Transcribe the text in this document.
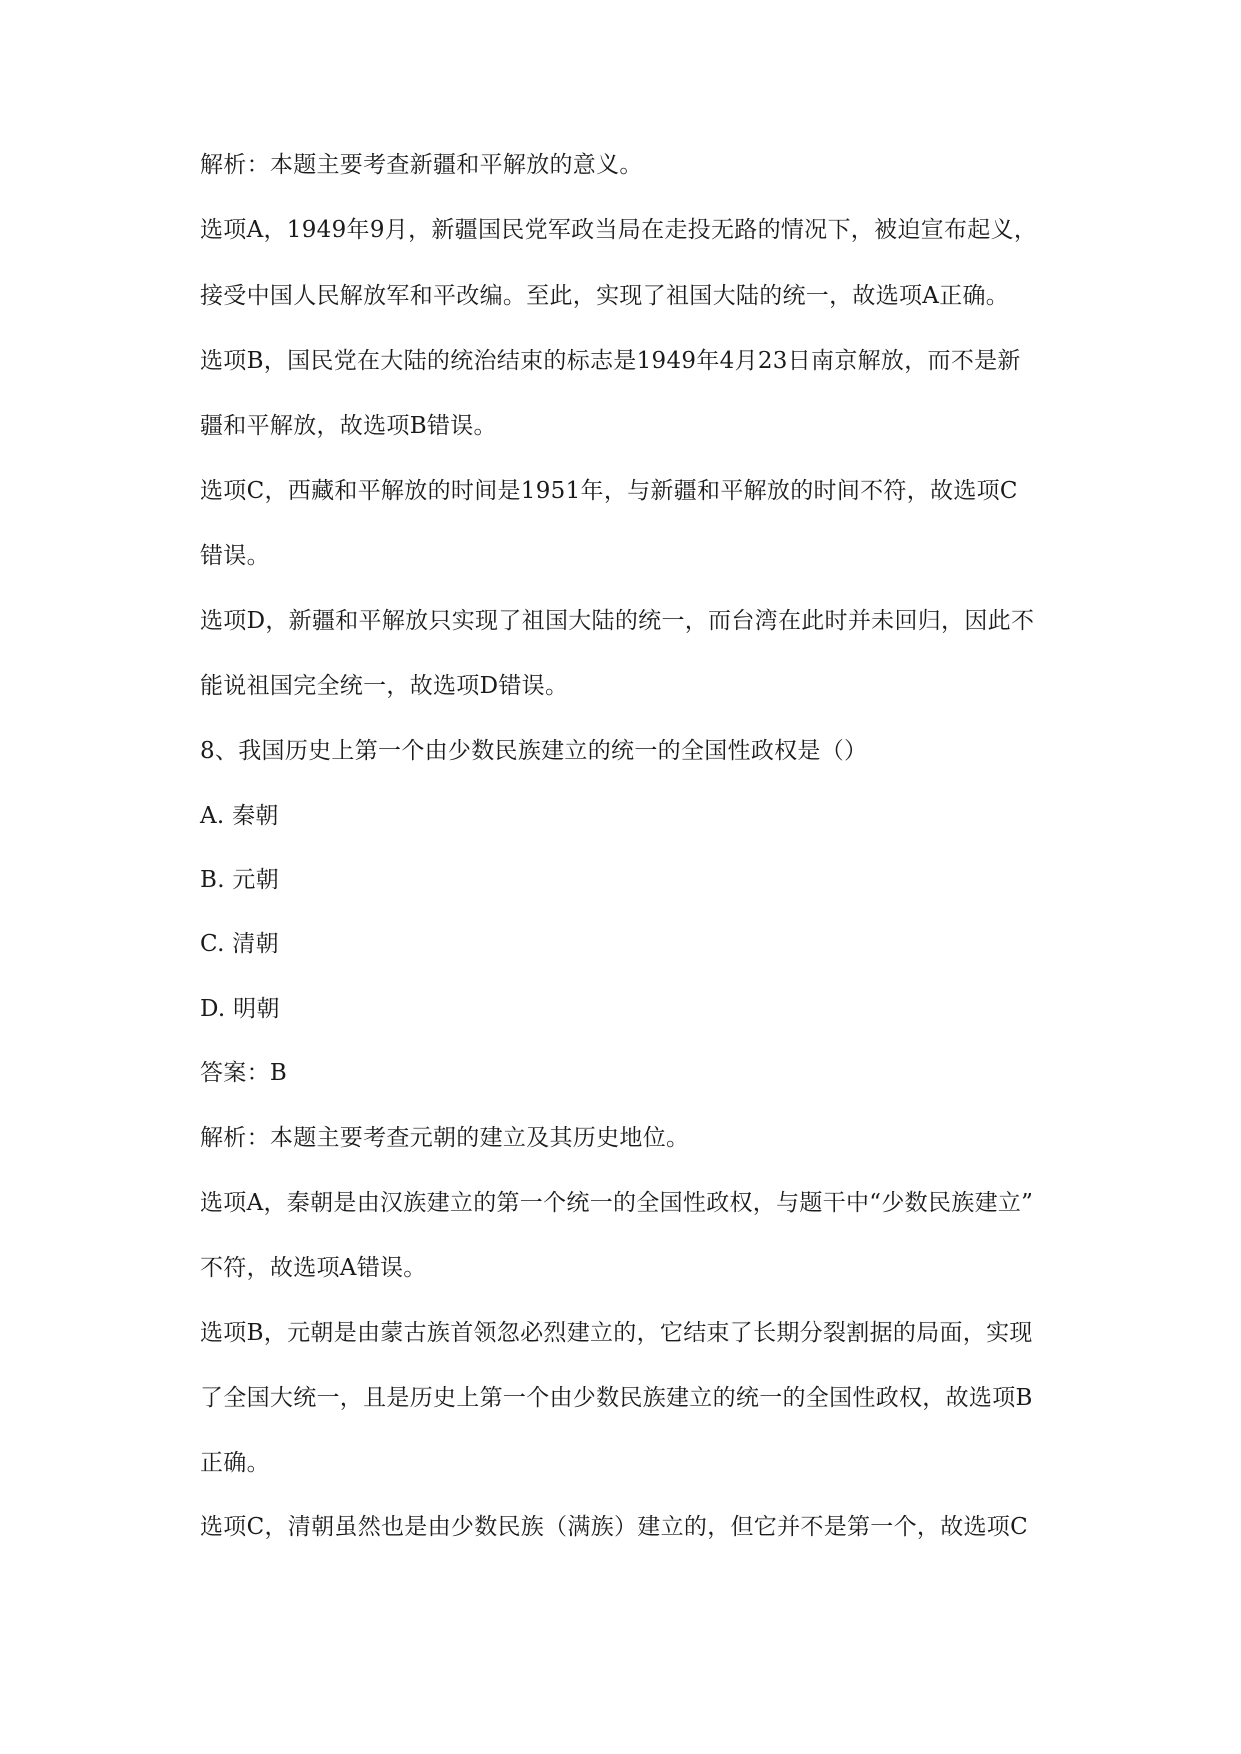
解析：本题主要考查新疆和平解放的意义。
选项A，1949年9月，新疆国民党军政当局在走投无路的情况下，被迫宣布起义，
接受中国人民解放军和平改编。至此，实现了祖国大陆的统一，故选项A正确。
选项B，国民党在大陆的统治结束的标志是1949年4月23日南京解放，而不是新
疆和平解放，故选项B错误。
选项C，西藏和平解放的时间是1951年，与新疆和平解放的时间不符，故选项C
错误。
选项D，新疆和平解放只实现了祖国大陆的统一，而台湾在此时并未回归，因此不
能说祖国完全统一，故选项D错误。
8、我国历史上第一个由少数民族建立的统一的全国性政权是（）
A. 秦朝
B. 元朝
C. 清朝
D. 明朝
答案：B
解析：本题主要考查元朝的建立及其历史地位。
选项A，秦朝是由汉族建立的第一个统一的全国性政权，与题干中“少数民族建立”
不符，故选项A错误。
选项B，元朝是由蒙古族首领忽必烈建立的，它结束了长期分裂割据的局面，实现
了全国大统一，且是历史上第一个由少数民族建立的统一的全国性政权，故选项B
正确。
选项C，清朝虽然也是由少数民族（满族）建立的，但它并不是第一个，故选项C
